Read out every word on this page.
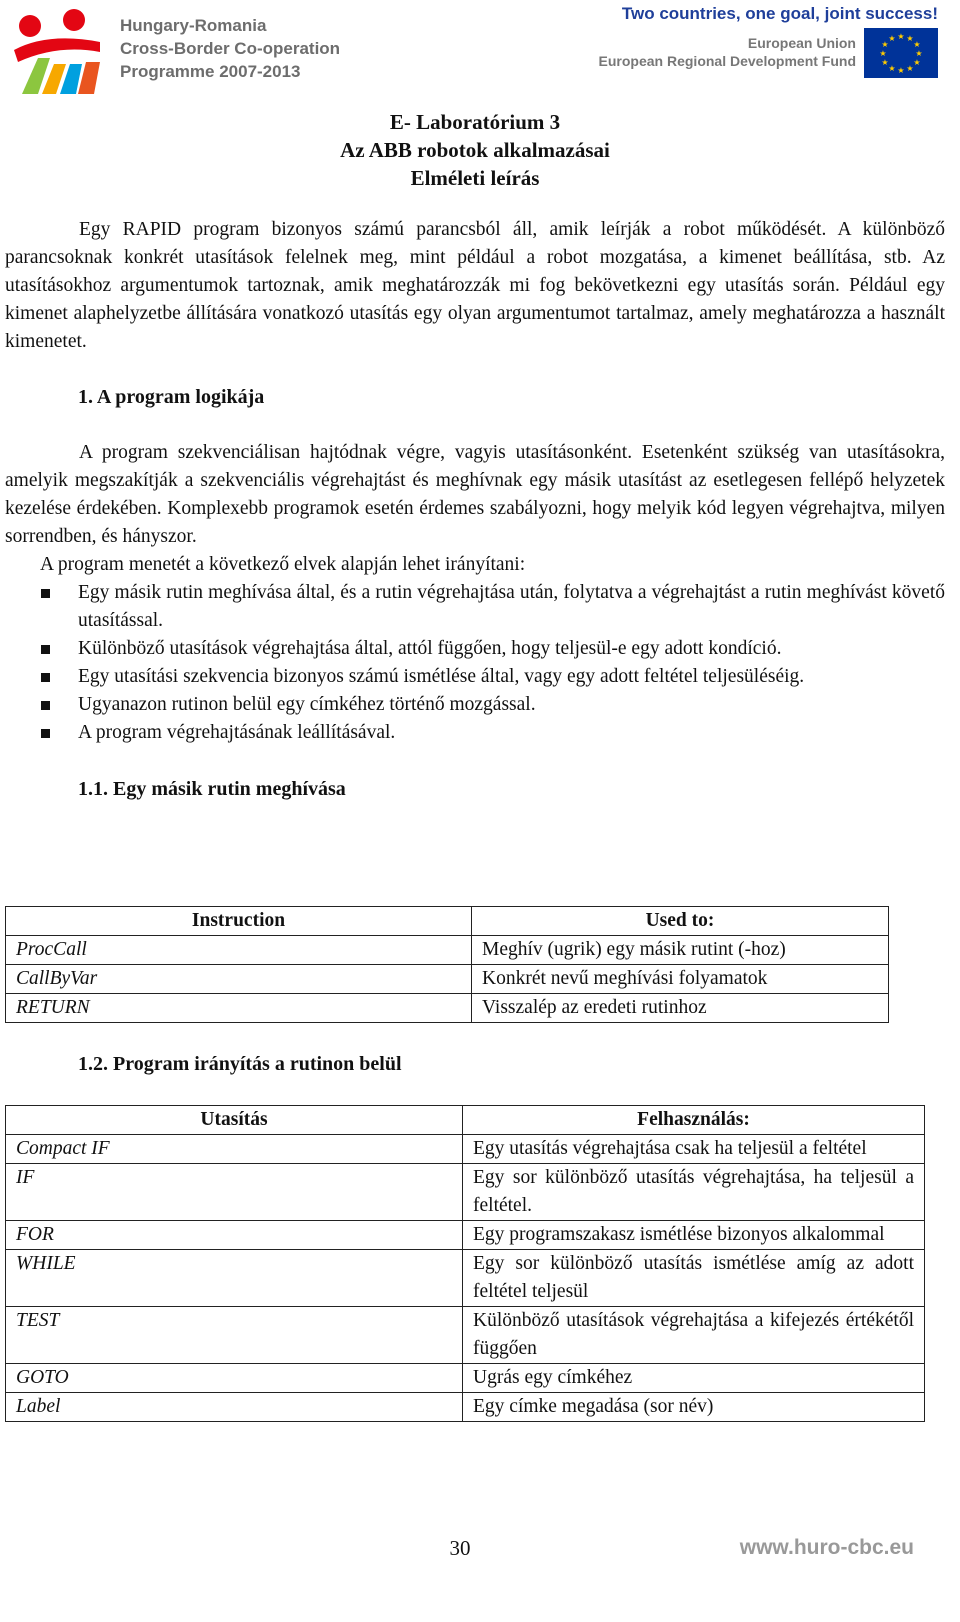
Hungary-Romania
Cross-Border Co-operation
Programme 2007-2013
Two countries, one goal, joint success!
European Union
European Regional Development Fund
★ ★
★
★
★
★
★
★
★
★
★
★
E- Laboratórium 3
Az ABB robotok alkalmazásai
Elméleti leírás

Egy RAPID program bizonyos számú parancsból áll, amik leírják a robot működését. A különböző parancsoknak konkrét utasítások felelnek meg, mint például a robot mozgatása, a kimenet beállítása, stb. Az utasításokhoz argumentumok tartoznak, amik meghatározzák mi fog bekövetkezni egy utasítás során. Például egy kimenet alaphelyzetbe állítására vonatkozó utasítás egy olyan argumentumot tartalmaz, amely meghatározza a használt kimenetet.

1. A program logikája

A program szekvenciálisan hajtódnak végre, vagyis utasításonként. Esetenként szükség van utasításokra, amelyik megszakítják a szekvenciális végrehajtást és meghívnak egy másik utasítást az esetlegesen fellépő helyzetek kezelése érdekében. Komplexebb programok esetén érdemes szabályozni, hogy melyik kód legyen végrehajtva, milyen sorrendben, és hányszor.

A program menetét a következő elvek alapján lehet irányítani:

Egy másik rutin meghívása által, és a rutin végrehajtása után, folytatva a végrehajtást a rutin meghívást követő utasítással.
Különböző utasítások végrehajtása által, attól függően, hogy teljesül-e egy adott kondíció.
Egy utasítási szekvencia bizonyos számú ismétlése által, vagy egy adott feltétel teljesüléséig.
Ugyanazon rutinon belül egy címkéhez történő mozgással.
A program végrehajtásának leállításával.

1.1. Egy másik rutin meghívása

Instruction	Used to:
ProcCall	Meghív (ugrik) egy másik rutint (-hoz)
CallByVar	Konkrét nevű meghívási folyamatok
RETURN	Visszalép az eredeti rutinhoz

1.2. Program irányítás a rutinon belül

Utasítás	Felhasználás:
Compact IF	Egy utasítás végrehajtása csak ha teljesül a feltétel
IF	Egy sor különböző utasítás végrehajtása, ha teljesül a feltétel.
FOR	Egy programszakasz ismétlése bizonyos alkalommal
WHILE	Egy sor különböző utasítás ismétlése amíg az adott feltétel teljesül
TEST	Különböző utasítások végrehajtása a kifejezés értékétől függően
GOTO	Ugrás egy címkéhez
Label	Egy címke megadása (sor név)
30	www.huro-cbc.eu
